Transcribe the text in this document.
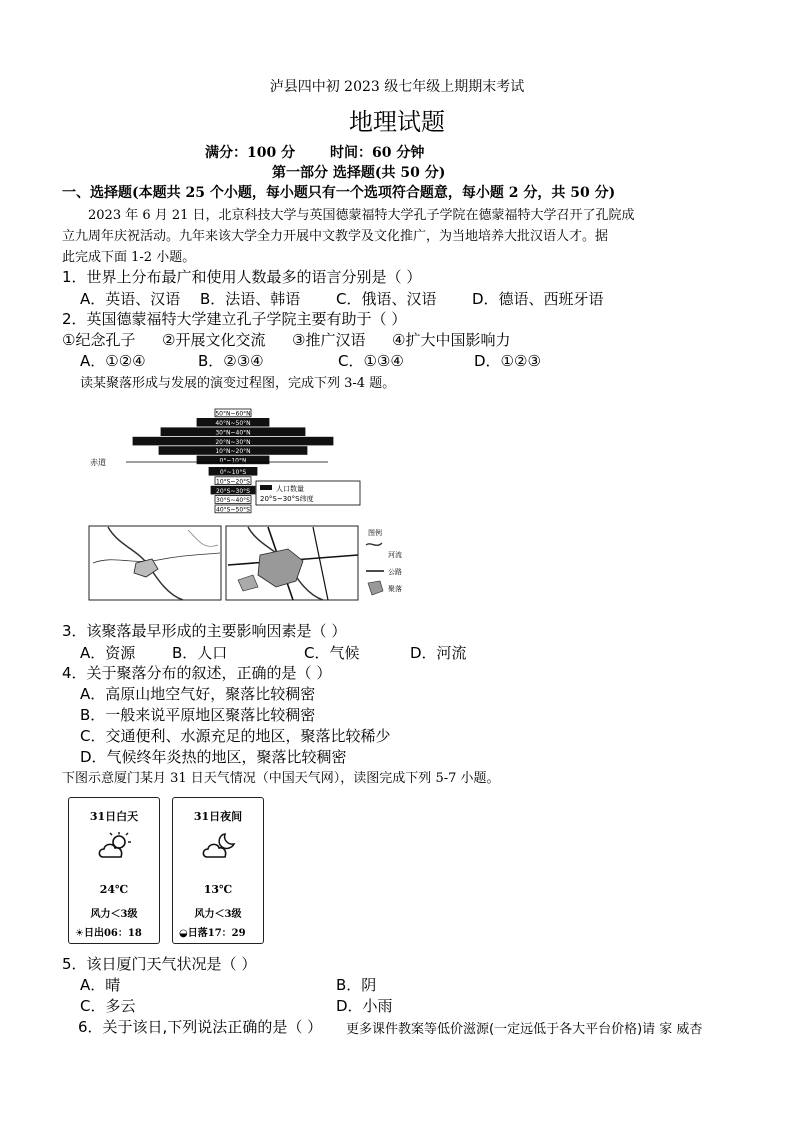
泸县四中初 2023 级七年级上期期末考试
地理试题
满分：100 分 时间：60 分钟
第一部分 选择题(共 50 分)
一、选择题(本题共 25 个小题，每小题只有一个选项符合题意，每小题 2 分，共 50 分)
2023 年 6 月 21 日，北京科技大学与英国德蒙福特大学孔子学院在德蒙福特大学召开了孔院成
立九周年庆祝活动。九年来该大学全力开展中文教学及文化推广，为当地培养大批汉语人才。据
此完成下面 1-2 小题。
1．世界上分布最广和使用人数最多的语言分别是（ ）
A．英语、汉语 B．法语、韩语 C．俄语、汉语 D．德语、西班牙语
2．英国德蒙福特大学建立孔子学院主要有助于（ ）
①纪念孔子 ②开展文化交流 ③推广汉语 ④扩大中国影响力
A．①②④	B．②③④	C．①③④	D．①②③
读某聚落形成与发展的演变过程图，完成下列 3-4 题。
50°N~60°N
40°N~50°N
30°N~40°N
20°N~30°N
10°N~20°N
0°~10°N
0°~10°S
10°S~20°S
20°S~30°S
30°S~40°S
40°S~50°S
赤道
人口数量
20°S~30°S纬度
图例
河流
公路
聚落
3．该聚落最早形成的主要影响因素是（ ）
A．资源 B．人口	C．气候	D．河流
4．关于聚落分布的叙述，正确的是（ ）
A．高原山地空气好，聚落比较稠密
B．一般来说平原地区聚落比较稠密
C．交通便利、水源充足的地区，聚落比较稀少
D．气候终年炎热的地区，聚落比较稠密
下图示意厦门某月 31 日天气情况（中国天气网），读图完成下列 5-7 小题。
31日白天
24℃
风力＜3级
☀日出06：18
31日夜间
13℃
风力＜3级
◒日落17：29
5．该日厦门天气状况是（ ）
A．晴	B．阴
C．多云	D．小雨
6．关于该日,下列说法正确的是（ ） 更多课件教案等低价滋源(一定远低于各大平台价格)请 家 威杏
